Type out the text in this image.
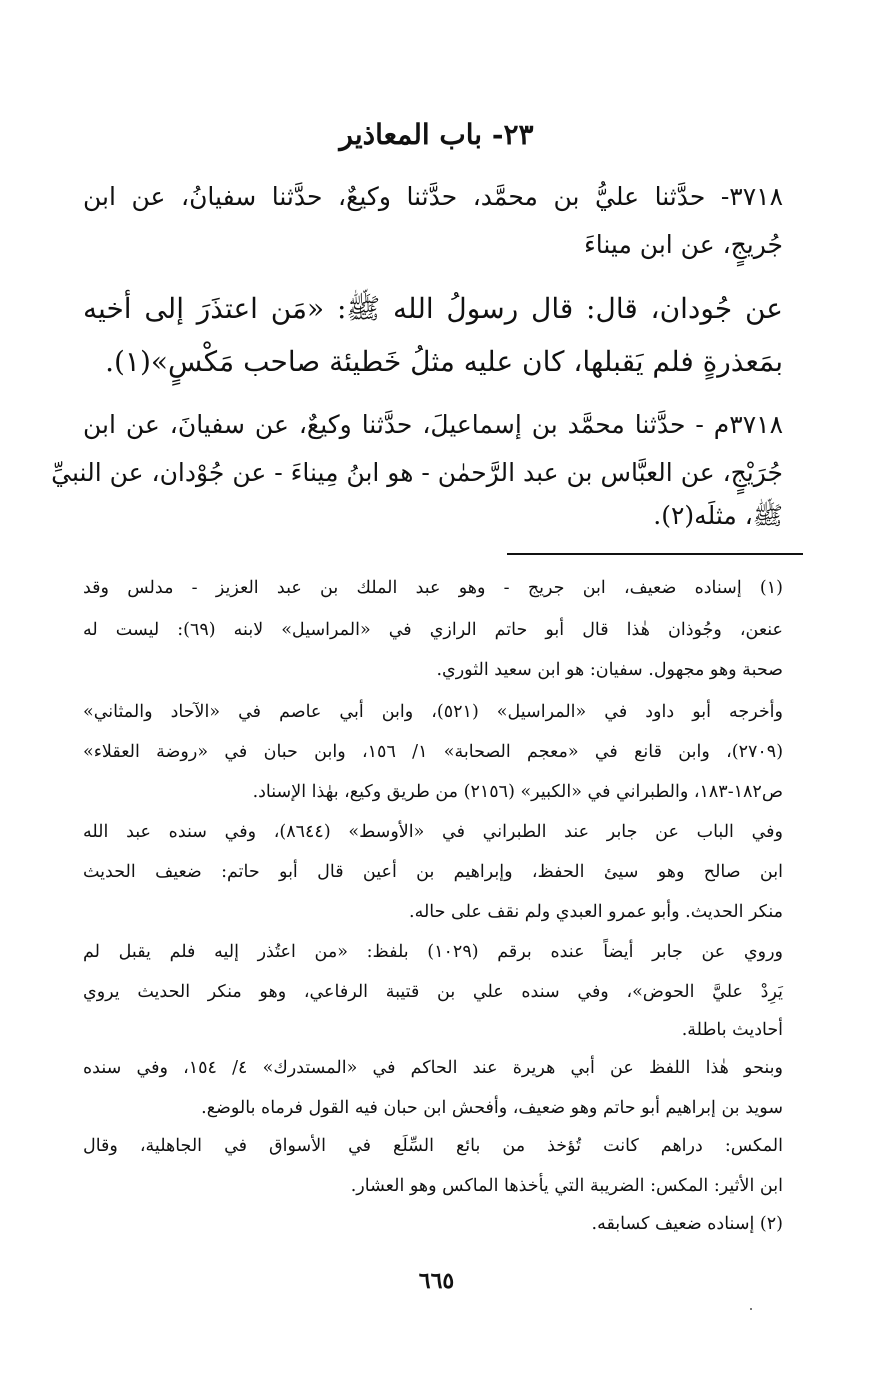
٢٣- باب المعاذير
٣٧١٨- حدَّثنا عليُّ بن محمَّد، حدَّثنا وكيعٌ، حدَّثنا سفيانُ، عن ابن
جُريجٍ، عن ابن ميناءَ
عن جُودان، قال: قال رسولُ الله ﷺ: «مَن اعتذَرَ إلى أخيه
بمَعذرةٍ فلم يَقبلها، كان عليه مثلُ خَطيئة صاحب مَكْسٍ»(١).
٣٧١٨م - حدَّثنا محمَّد بن إسماعيلَ، حدَّثنا وكيعٌ، عن سفيانَ، عن ابن
جُرَيْجٍ، عن العبَّاس بن عبد الرَّحمٰن - هو ابنُ مِيناءَ - عن جُوْدان، عن النبيِّ
ﷺ، مثلَه(٢).
(١) إسناده ضعيف، ابن جريج - وهو عبد الملك بن عبد العزيز - مدلس وقد
عنعن، وجُوذان هٰذا قال أبو حاتم الرازي في «المراسيل» لابنه (٦٩): ليست له
صحبة وهو مجهول. سفيان: هو ابن سعيد الثوري.
وأخرجه أبو داود في «المراسيل» (٥٢١)، وابن أبي عاصم في «الآحاد والمثاني»
(٢٧٠٩)، وابن قانع في «معجم الصحابة» ١/ ١٥٦، وابن حبان في «روضة العقلاء»
ص١٨٢-١٨٣، والطبراني في «الكبير» (٢١٥٦) من طريق وكيع، بهٰذا الإسناد.
وفي الباب عن جابر عند الطبراني في «الأوسط» (٨٦٤٤)، وفي سنده عبد الله
ابن صالح وهو سيئ الحفظ، وإبراهيم بن أعين قال أبو حاتم: ضعيف الحديث
منكر الحديث. وأبو عمرو العبدي ولم نقف على حاله.
وروي عن جابر أيضاً عنده برقم (١٠٢٩) بلفظ: «من اعتُذر إليه فلم يقبل لم
يَرِدْ عليَّ الحوض»، وفي سنده علي بن قتيبة الرفاعي، وهو منكر الحديث يروي
أحاديث باطلة.
وبنحو هٰذا اللفظ عن أبي هريرة عند الحاكم في «المستدرك» ٤/ ١٥٤، وفي سنده
سويد بن إبراهيم أبو حاتم وهو ضعيف، وأفحش ابن حبان فيه القول فرماه بالوضع.
المكس: دراهم كانت تُؤخذ من بائع السِّلَع في الأسواق في الجاهلية، وقال
ابن الأثير: المكس: الضريبة التي يأخذها الماكس وهو العشار.
(٢) إسناده ضعيف كسابقه.
٦٦٥
